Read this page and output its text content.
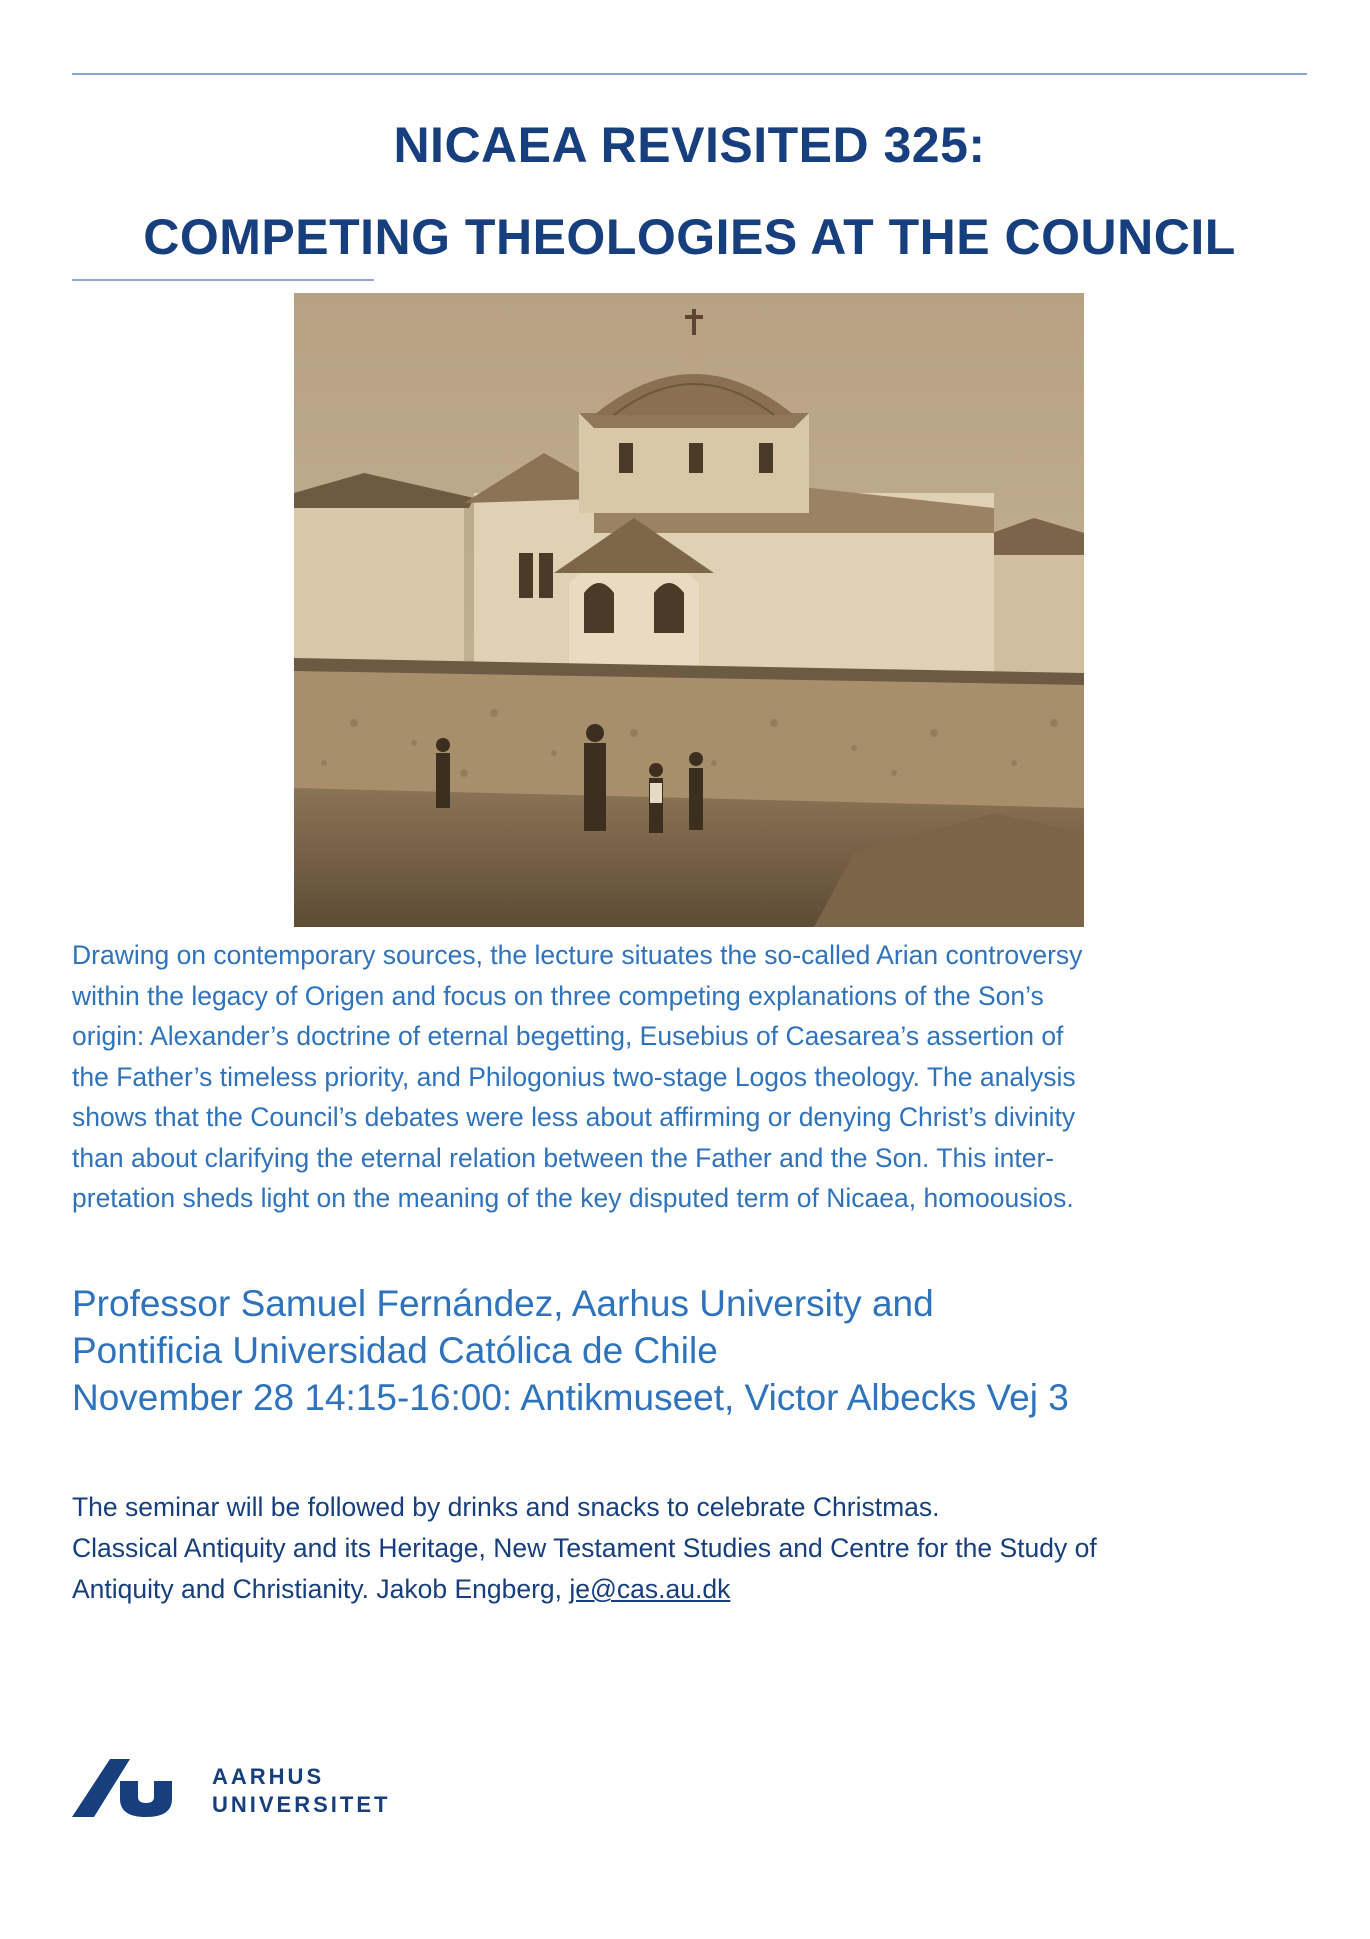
NICAEA REVISITED 325:
COMPETING THEOLOGIES AT THE COUNCIL

Drawing on contemporary sources, the lecture situates the so-called Arian controversy
within the legacy of Origen and focus on three competing explanations of the Son’s
origin: Alexander’s doctrine of eternal begetting, Eusebius of Caesarea’s assertion of
the Father’s timeless priority, and Philogonius two-stage Logos theology. The analysis
shows that the Council’s debates were less about affirming or denying Christ’s divinity
than about clarifying the eternal relation between the Father and the Son. This inter-
pretation sheds light on the meaning of the key disputed term of Nicaea, homoousios.

Professor Samuel Fernández, Aarhus University and
Pontificia Universidad Católica de Chile
November 28 14:15-16:00: Antikmuseet, Victor Albecks Vej 3

The seminar will be followed by drinks and snacks to celebrate Christmas.
Classical Antiquity and its Heritage, New Testament Studies and Centre for the Study of
Antiquity and Christianity. Jakob Engberg, je@cas.au.dk

AARHUS
UNIVERSITET
